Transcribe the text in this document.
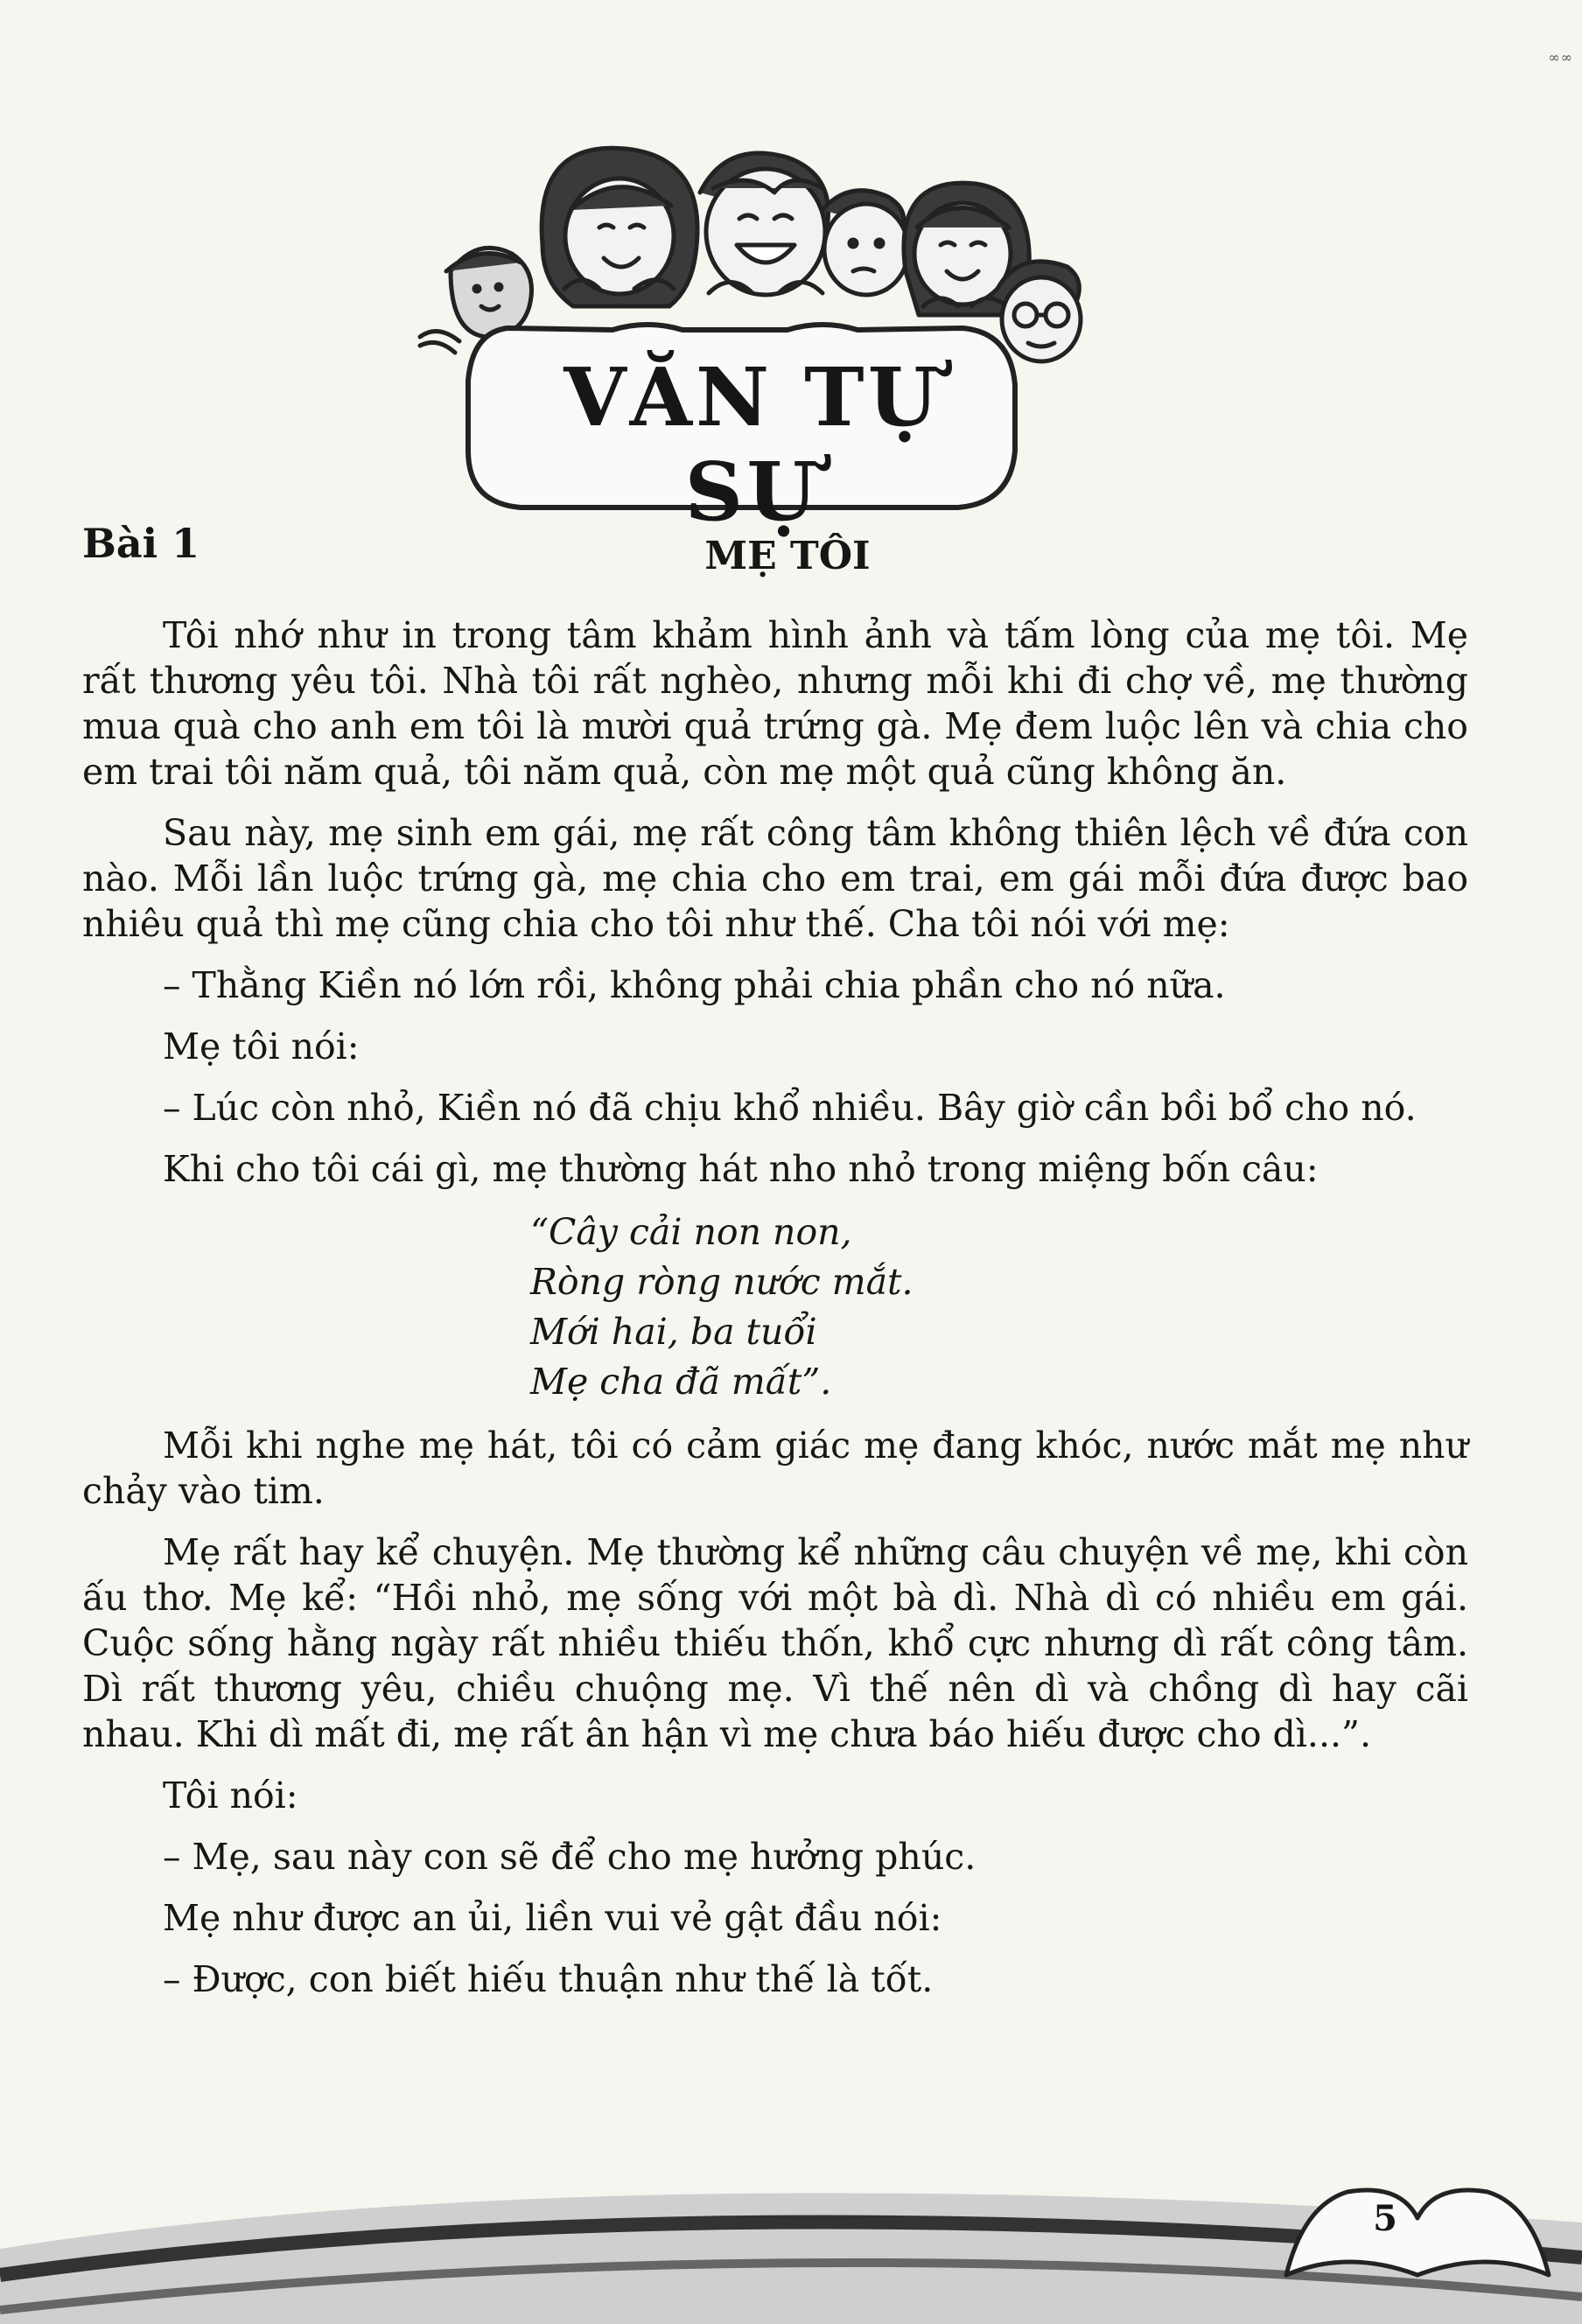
∞∞
VĂN TỰ SỰ
Bài 1	MẸ TÔI

Tôi nhớ như in trong tâm khảm hình ảnh và tấm lòng của mẹ tôi. Mẹ rất thương yêu tôi. Nhà tôi rất nghèo, nhưng mỗi khi đi chợ về, mẹ thường mua quà cho anh em tôi là mười quả trứng gà. Mẹ đem luộc lên và chia cho em trai tôi năm quả, tôi năm quả, còn mẹ một quả cũng không ăn.

Sau này, mẹ sinh em gái, mẹ rất công tâm không thiên lệch về đứa con nào. Mỗi lần luộc trứng gà, mẹ chia cho em trai, em gái mỗi đứa được bao nhiêu quả thì mẹ cũng chia cho tôi như thế. Cha tôi nói với mẹ:

– Thằng Kiền nó lớn rồi, không phải chia phần cho nó nữa.

Mẹ tôi nói:

– Lúc còn nhỏ, Kiền nó đã chịu khổ nhiều. Bây giờ cần bồi bổ cho nó.

Khi cho tôi cái gì, mẹ thường hát nho nhỏ trong miệng bốn câu:

“Cây cải non non,
Ròng ròng nước mắt.
Mới hai, ba tuổi
Mẹ cha đã mất”.

Mỗi khi nghe mẹ hát, tôi có cảm giác mẹ đang khóc, nước mắt mẹ như chảy vào tim.

Mẹ rất hay kể chuyện. Mẹ thường kể những câu chuyện về mẹ, khi còn ấu thơ. Mẹ kể: “Hồi nhỏ, mẹ sống với một bà dì. Nhà dì có nhiều em gái. Cuộc sống hằng ngày rất nhiều thiếu thốn, khổ cực nhưng dì rất công tâm. Dì rất thương yêu, chiều chuộng mẹ. Vì thế nên dì và chồng dì hay cãi nhau. Khi dì mất đi, mẹ rất ân hận vì mẹ chưa báo hiếu được cho dì...”.

Tôi nói:

– Mẹ, sau này con sẽ để cho mẹ hưởng phúc.

Mẹ như được an ủi, liền vui vẻ gật đầu nói:

– Được, con biết hiếu thuận như thế là tốt.

5
